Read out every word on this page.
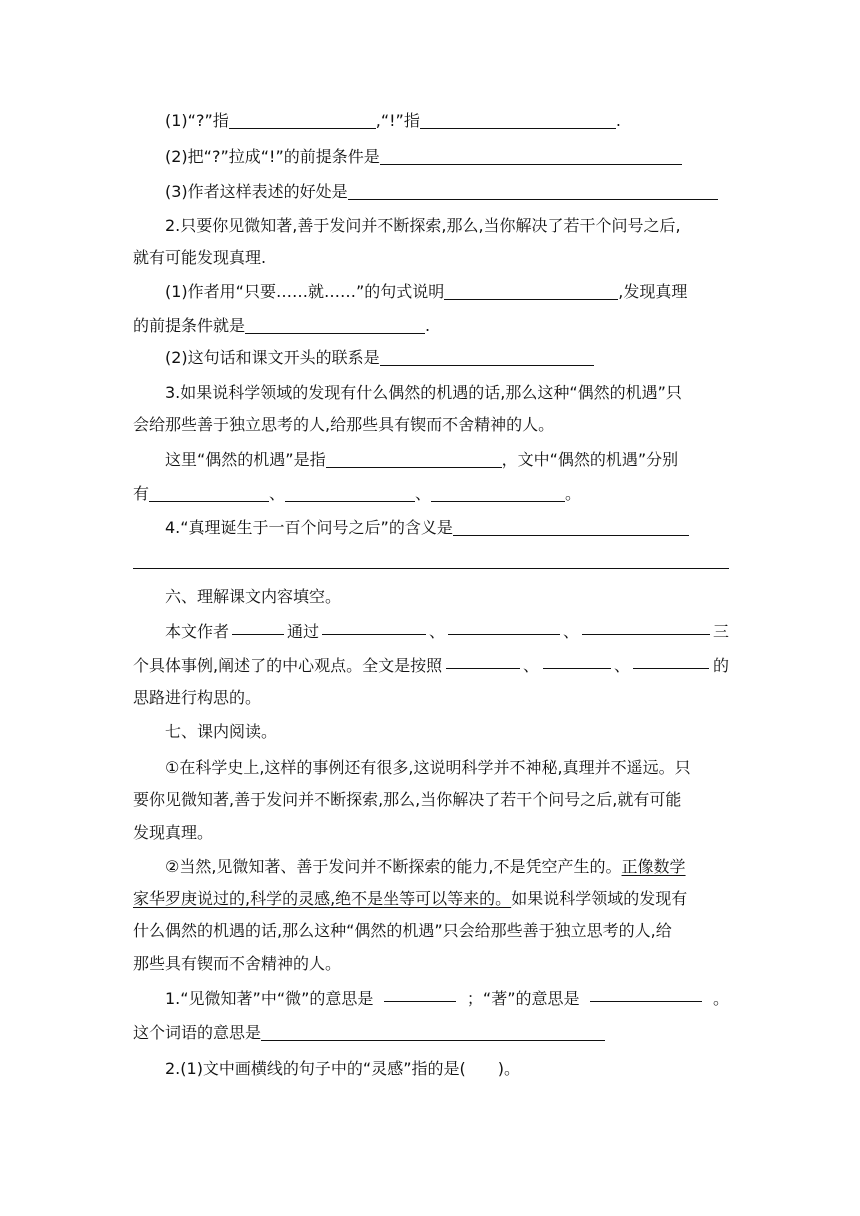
(1)“?”指	,“!”指	.
(2)把“?”拉成“!”的前提条件是
(3)作者这样表述的好处是
2.只要你见微知著,善于发问并不断探索,那么,当你解决了若干个问号之后,
就有可能发现真理.
(1)作者用“只要……就……”的句式说明	,发现真理
的前提条件就是	.
(2)这句话和课文开头的联系是
3.如果说科学领域的发现有什么偶然的机遇的话,那么这种“偶然的机遇”只
会给那些善于独立思考的人,给那些具有锲而不舍精神的人。
这里“偶然的机遇”是指	，文中“偶然的机遇”分别
有	、	、	。
4.“真理诞生于一百个问号之后”的含义是
六、理解课文内容填空。
本文作者	通过	、	、	三
个具体事例,阐述了的中心观点。全文是按照	、	、	的
思路进行构思的。
七、课内阅读。
①在科学史上,这样的事例还有很多,这说明科学并不神秘,真理并不遥远。只
要你见微知著,善于发问并不断探索,那么,当你解决了若干个问号之后,就有可能
发现真理。
②当然,见微知著、善于发问并不断探索的能力,不是凭空产生的。正像数学
家华罗庚说过的,科学的灵感,绝不是坐等可以等来的。如果说科学领域的发现有
什么偶然的机遇的话,那么这种“偶然的机遇”只会给那些善于独立思考的人,给
那些具有锲而不舍精神的人。
1.“见微知著”中“微”的意思是	；“著”的意思是	。
这个词语的意思是
2.(1)文中画横线的句子中的“灵感”指的是(　　)。
